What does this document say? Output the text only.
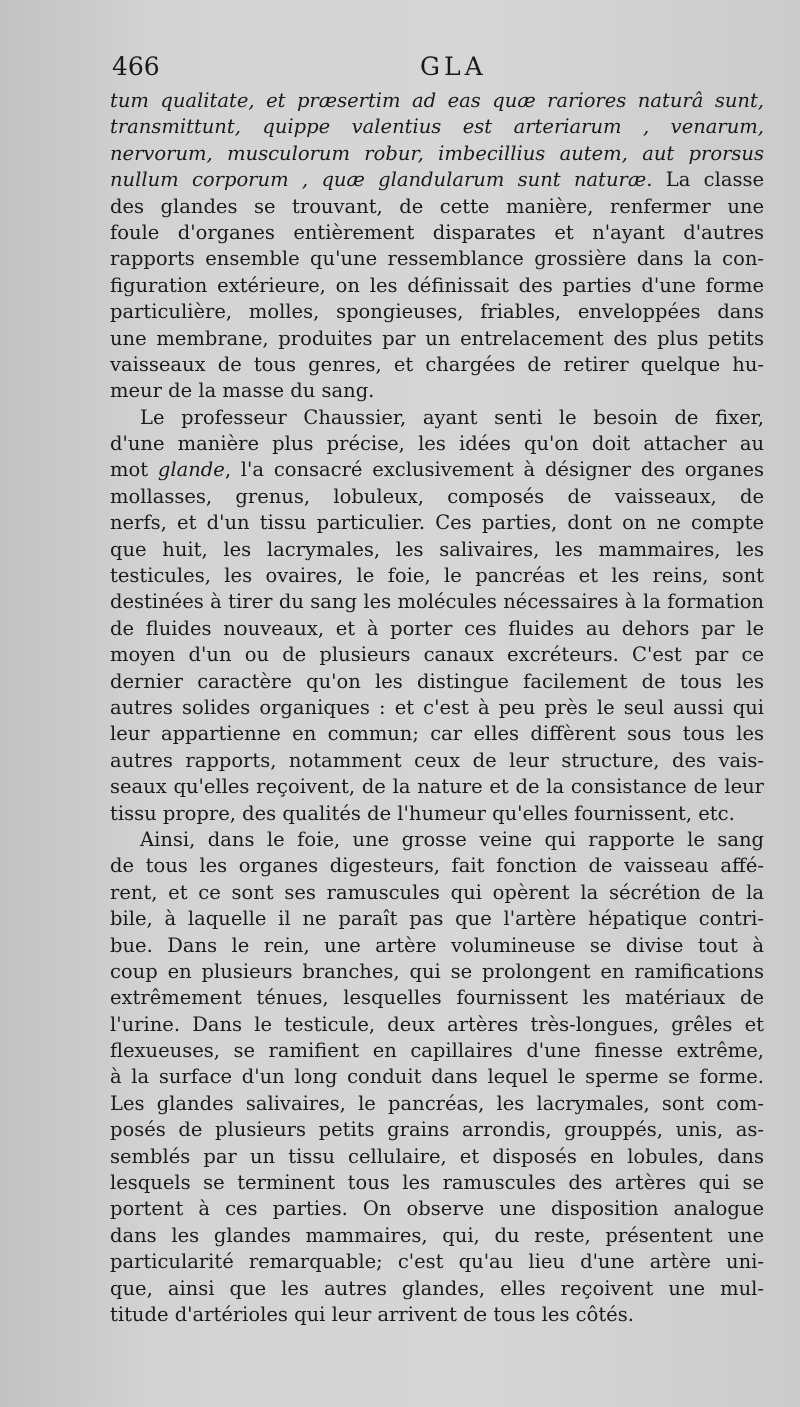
466	GLA
tum qualitate, et præsertim ad eas quæ rariores naturâ sunt,
transmittunt, quippe valentius est arteriarum , venarum,
nervorum, musculorum robur, imbecillius autem, aut prorsus
nullum corporum , quæ glandularum sunt naturæ. La classe
des glandes se trouvant, de cette manière, renfermer une
foule d'organes entièrement disparates et n'ayant d'autres
rapports ensemble qu'une ressemblance grossière dans la con-
figuration extérieure, on les définissait des parties d'une forme
particulière, molles, spongieuses, friables, enveloppées dans
une membrane, produites par un entrelacement des plus petits
vaisseaux de tous genres, et chargées de retirer quelque hu-
meur de la masse du sang.
Le professeur Chaussier, ayant senti le besoin de fixer,
d'une manière plus précise, les idées qu'on doit attacher au
mot glande, l'a consacré exclusivement à désigner des organes
mollasses, grenus, lobuleux, composés de vaisseaux, de
nerfs, et d'un tissu particulier. Ces parties, dont on ne compte
que huit, les lacrymales, les salivaires, les mammaires, les
testicules, les ovaires, le foie, le pancréas et les reins, sont
destinées à tirer du sang les molécules nécessaires à la formation
de fluides nouveaux, et à porter ces fluides au dehors par le
moyen d'un ou de plusieurs canaux excréteurs. C'est par ce
dernier caractère qu'on les distingue facilement de tous les
autres solides organiques : et c'est à peu près le seul aussi qui
leur appartienne en commun; car elles diffèrent sous tous les
autres rapports, notamment ceux de leur structure, des vais-
seaux qu'elles reçoivent, de la nature et de la consistance de leur
tissu propre, des qualités de l'humeur qu'elles fournissent, etc.
Ainsi, dans le foie, une grosse veine qui rapporte le sang
de tous les organes digesteurs, fait fonction de vaisseau affé-
rent, et ce sont ses ramuscules qui opèrent la sécrétion de la
bile, à laquelle il ne paraît pas que l'artère hépatique contri-
bue. Dans le rein, une artère volumineuse se divise tout à
coup en plusieurs branches, qui se prolongent en ramifications
extrêmement ténues, lesquelles fournissent les matériaux de
l'urine. Dans le testicule, deux artères très-longues, grêles et
flexueuses, se ramifient en capillaires d'une finesse extrême,
à la surface d'un long conduit dans lequel le sperme se forme.
Les glandes salivaires, le pancréas, les lacrymales, sont com-
posés de plusieurs petits grains arrondis, grouppés, unis, as-
semblés par un tissu cellulaire, et disposés en lobules, dans
lesquels se terminent tous les ramuscules des artères qui se
portent à ces parties. On observe une disposition analogue
dans les glandes mammaires, qui, du reste, présentent une
particularité remarquable; c'est qu'au lieu d'une artère uni-
que, ainsi que les autres glandes, elles reçoivent une mul-
titude d'artérioles qui leur arrivent de tous les côtés.
